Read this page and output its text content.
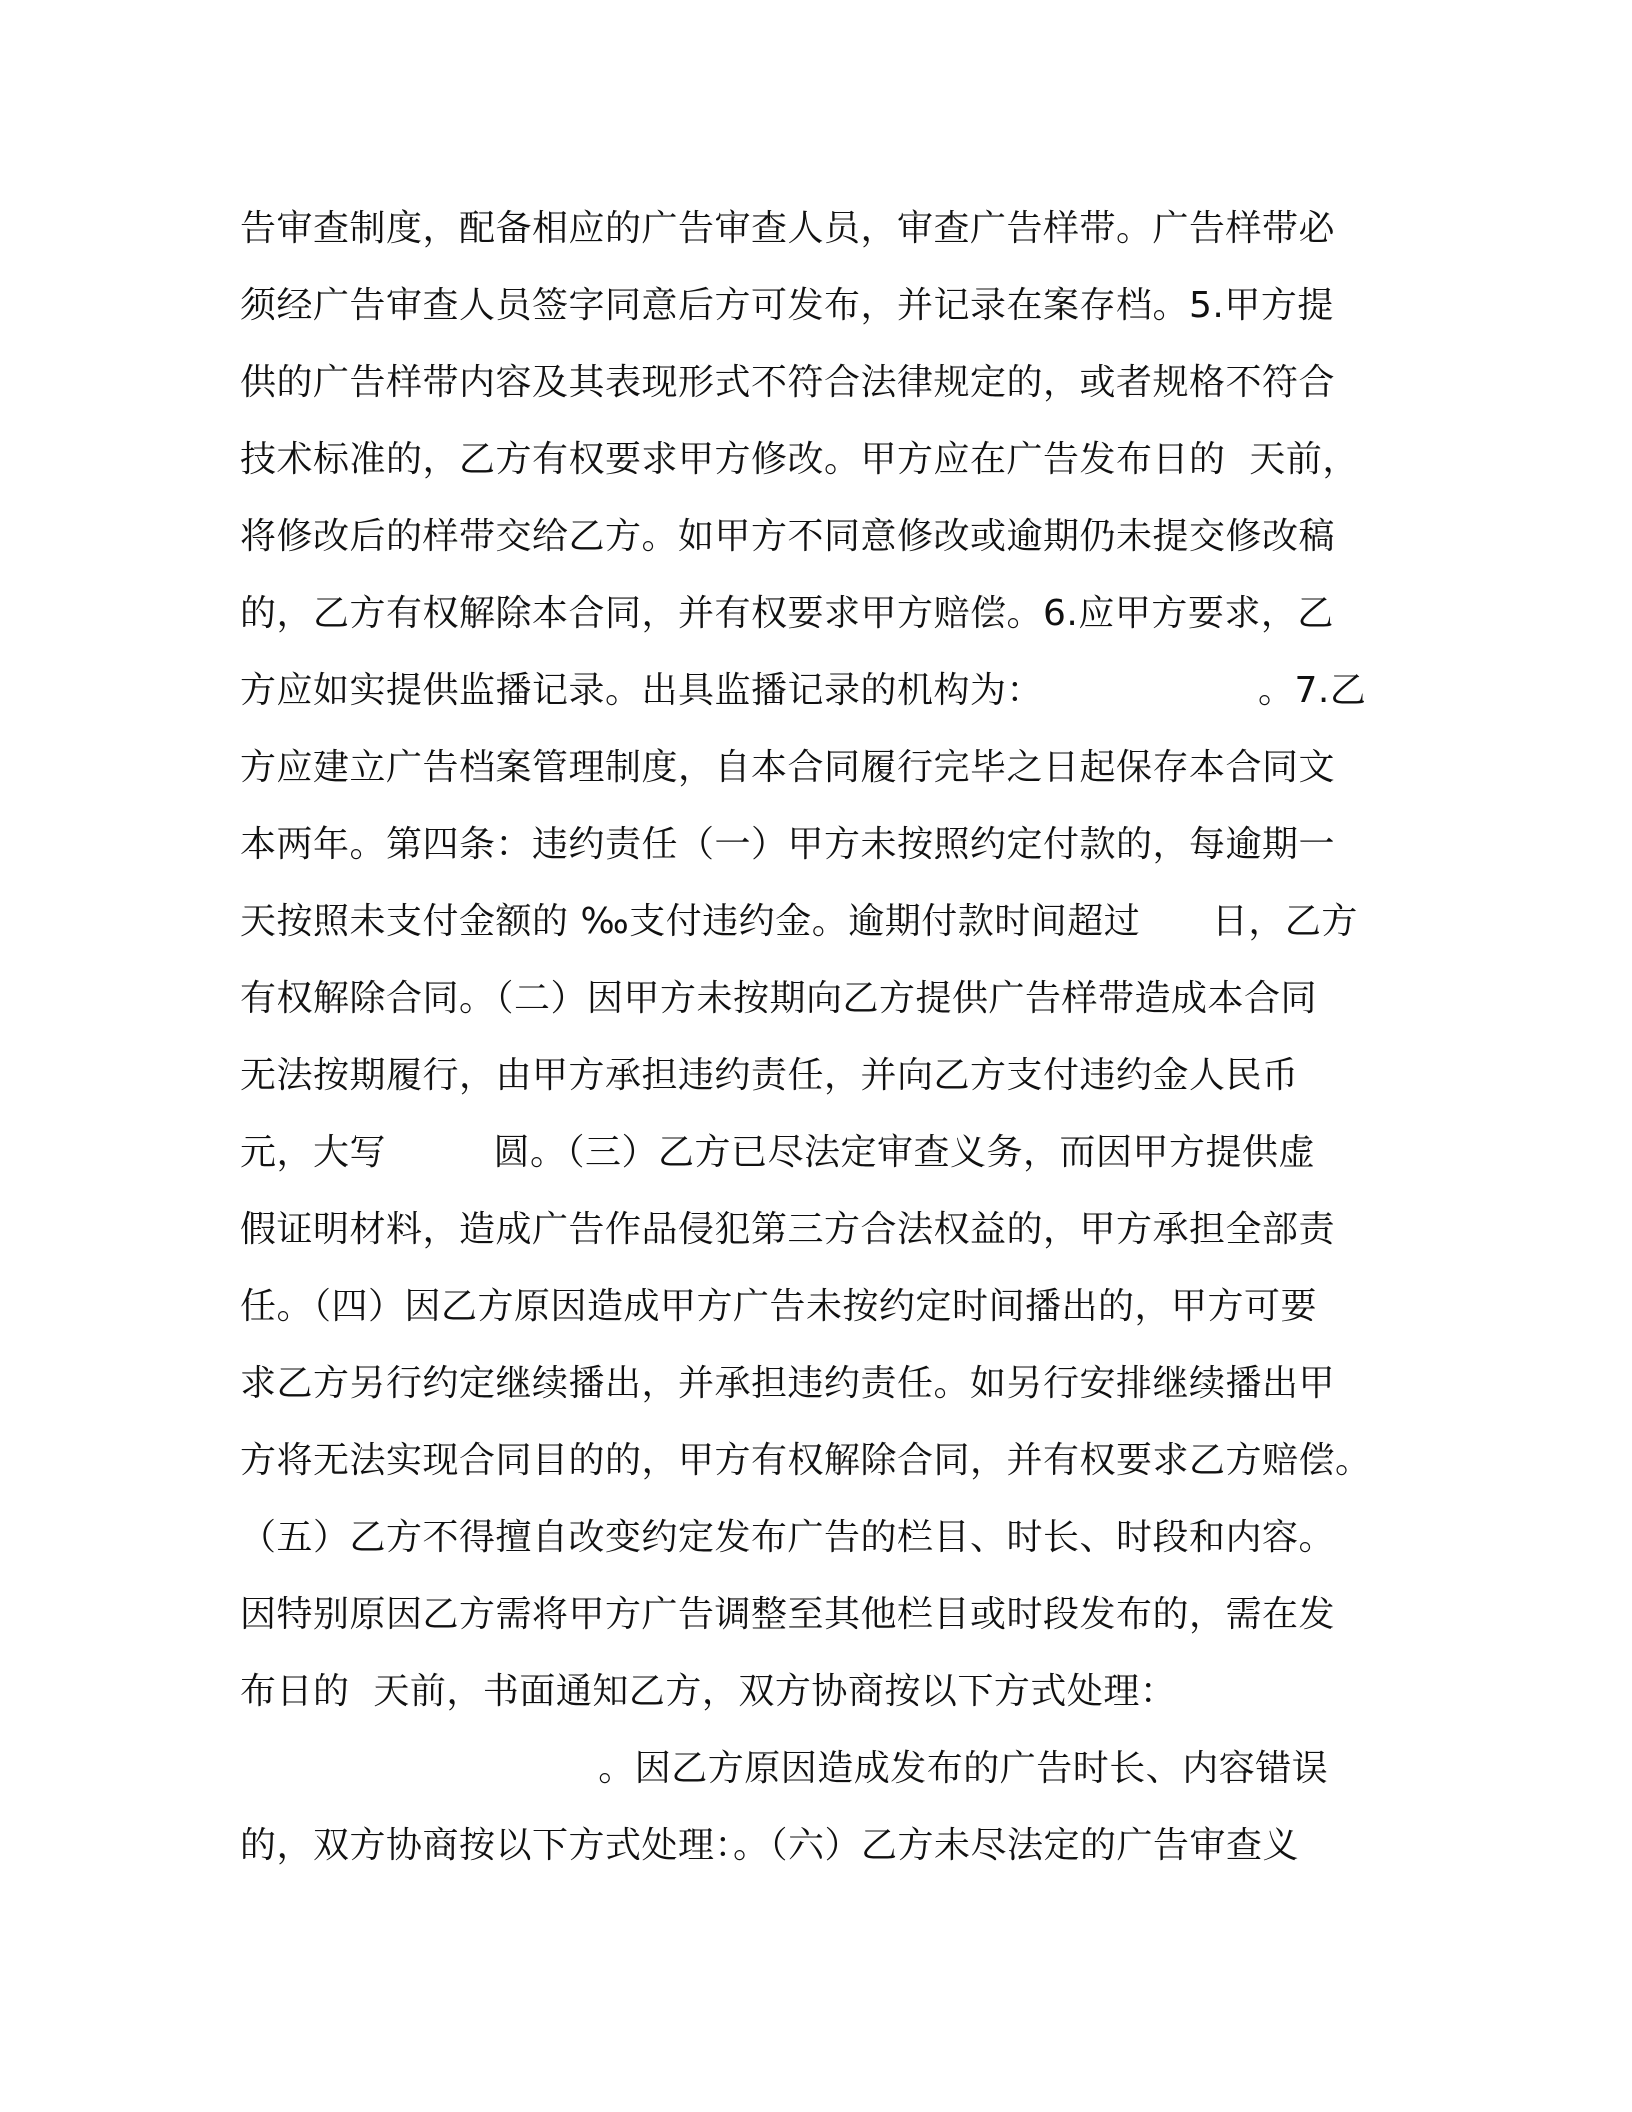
告审查制度，配备相应的广告审查人员，审查广告样带。广告样带必
须经广告审查人员签字同意后方可发布，并记录在案存档。5.甲方提
供的广告样带内容及其表现形式不符合法律规定的，或者规格不符合
技术标准的，乙方有权要求甲方修改。甲方应在广告发布日的  天前，
将修改后的样带交给乙方。如甲方不同意修改或逾期仍未提交修改稿
的，乙方有权解除本合同，并有权要求甲方赔偿。6.应甲方要求，乙
方应如实提供监播记录。出具监播记录的机构为：                  。7.乙
方应建立广告档案管理制度，自本合同履行完毕之日起保存本合同文
本两年。第四条：违约责任（一）甲方未按照约定付款的，每逾期一
天按照未支付金额的 ‰支付违约金。逾期付款时间超过      日，乙方
有权解除合同。（二）因甲方未按期向乙方提供广告样带造成本合同
无法按期履行，由甲方承担违约责任，并向乙方支付违约金人民币
元，大写         圆。（三）乙方已尽法定审查义务，而因甲方提供虚
假证明材料，造成广告作品侵犯第三方合法权益的，甲方承担全部责
任。（四）因乙方原因造成甲方广告未按约定时间播出的，甲方可要
求乙方另行约定继续播出，并承担违约责任。如另行安排继续播出甲
方将无法实现合同目的的，甲方有权解除合同，并有权要求乙方赔偿。
（五）乙方不得擅自改变约定发布广告的栏目、时长、时段和内容。
因特别原因乙方需将甲方广告调整至其他栏目或时段发布的，需在发
布日的  天前，书面通知乙方，双方协商按以下方式处理：
。因乙方原因造成发布的广告时长、内容错误
的，双方协商按以下方式处理：。（六）乙方未尽法定的广告审查义
